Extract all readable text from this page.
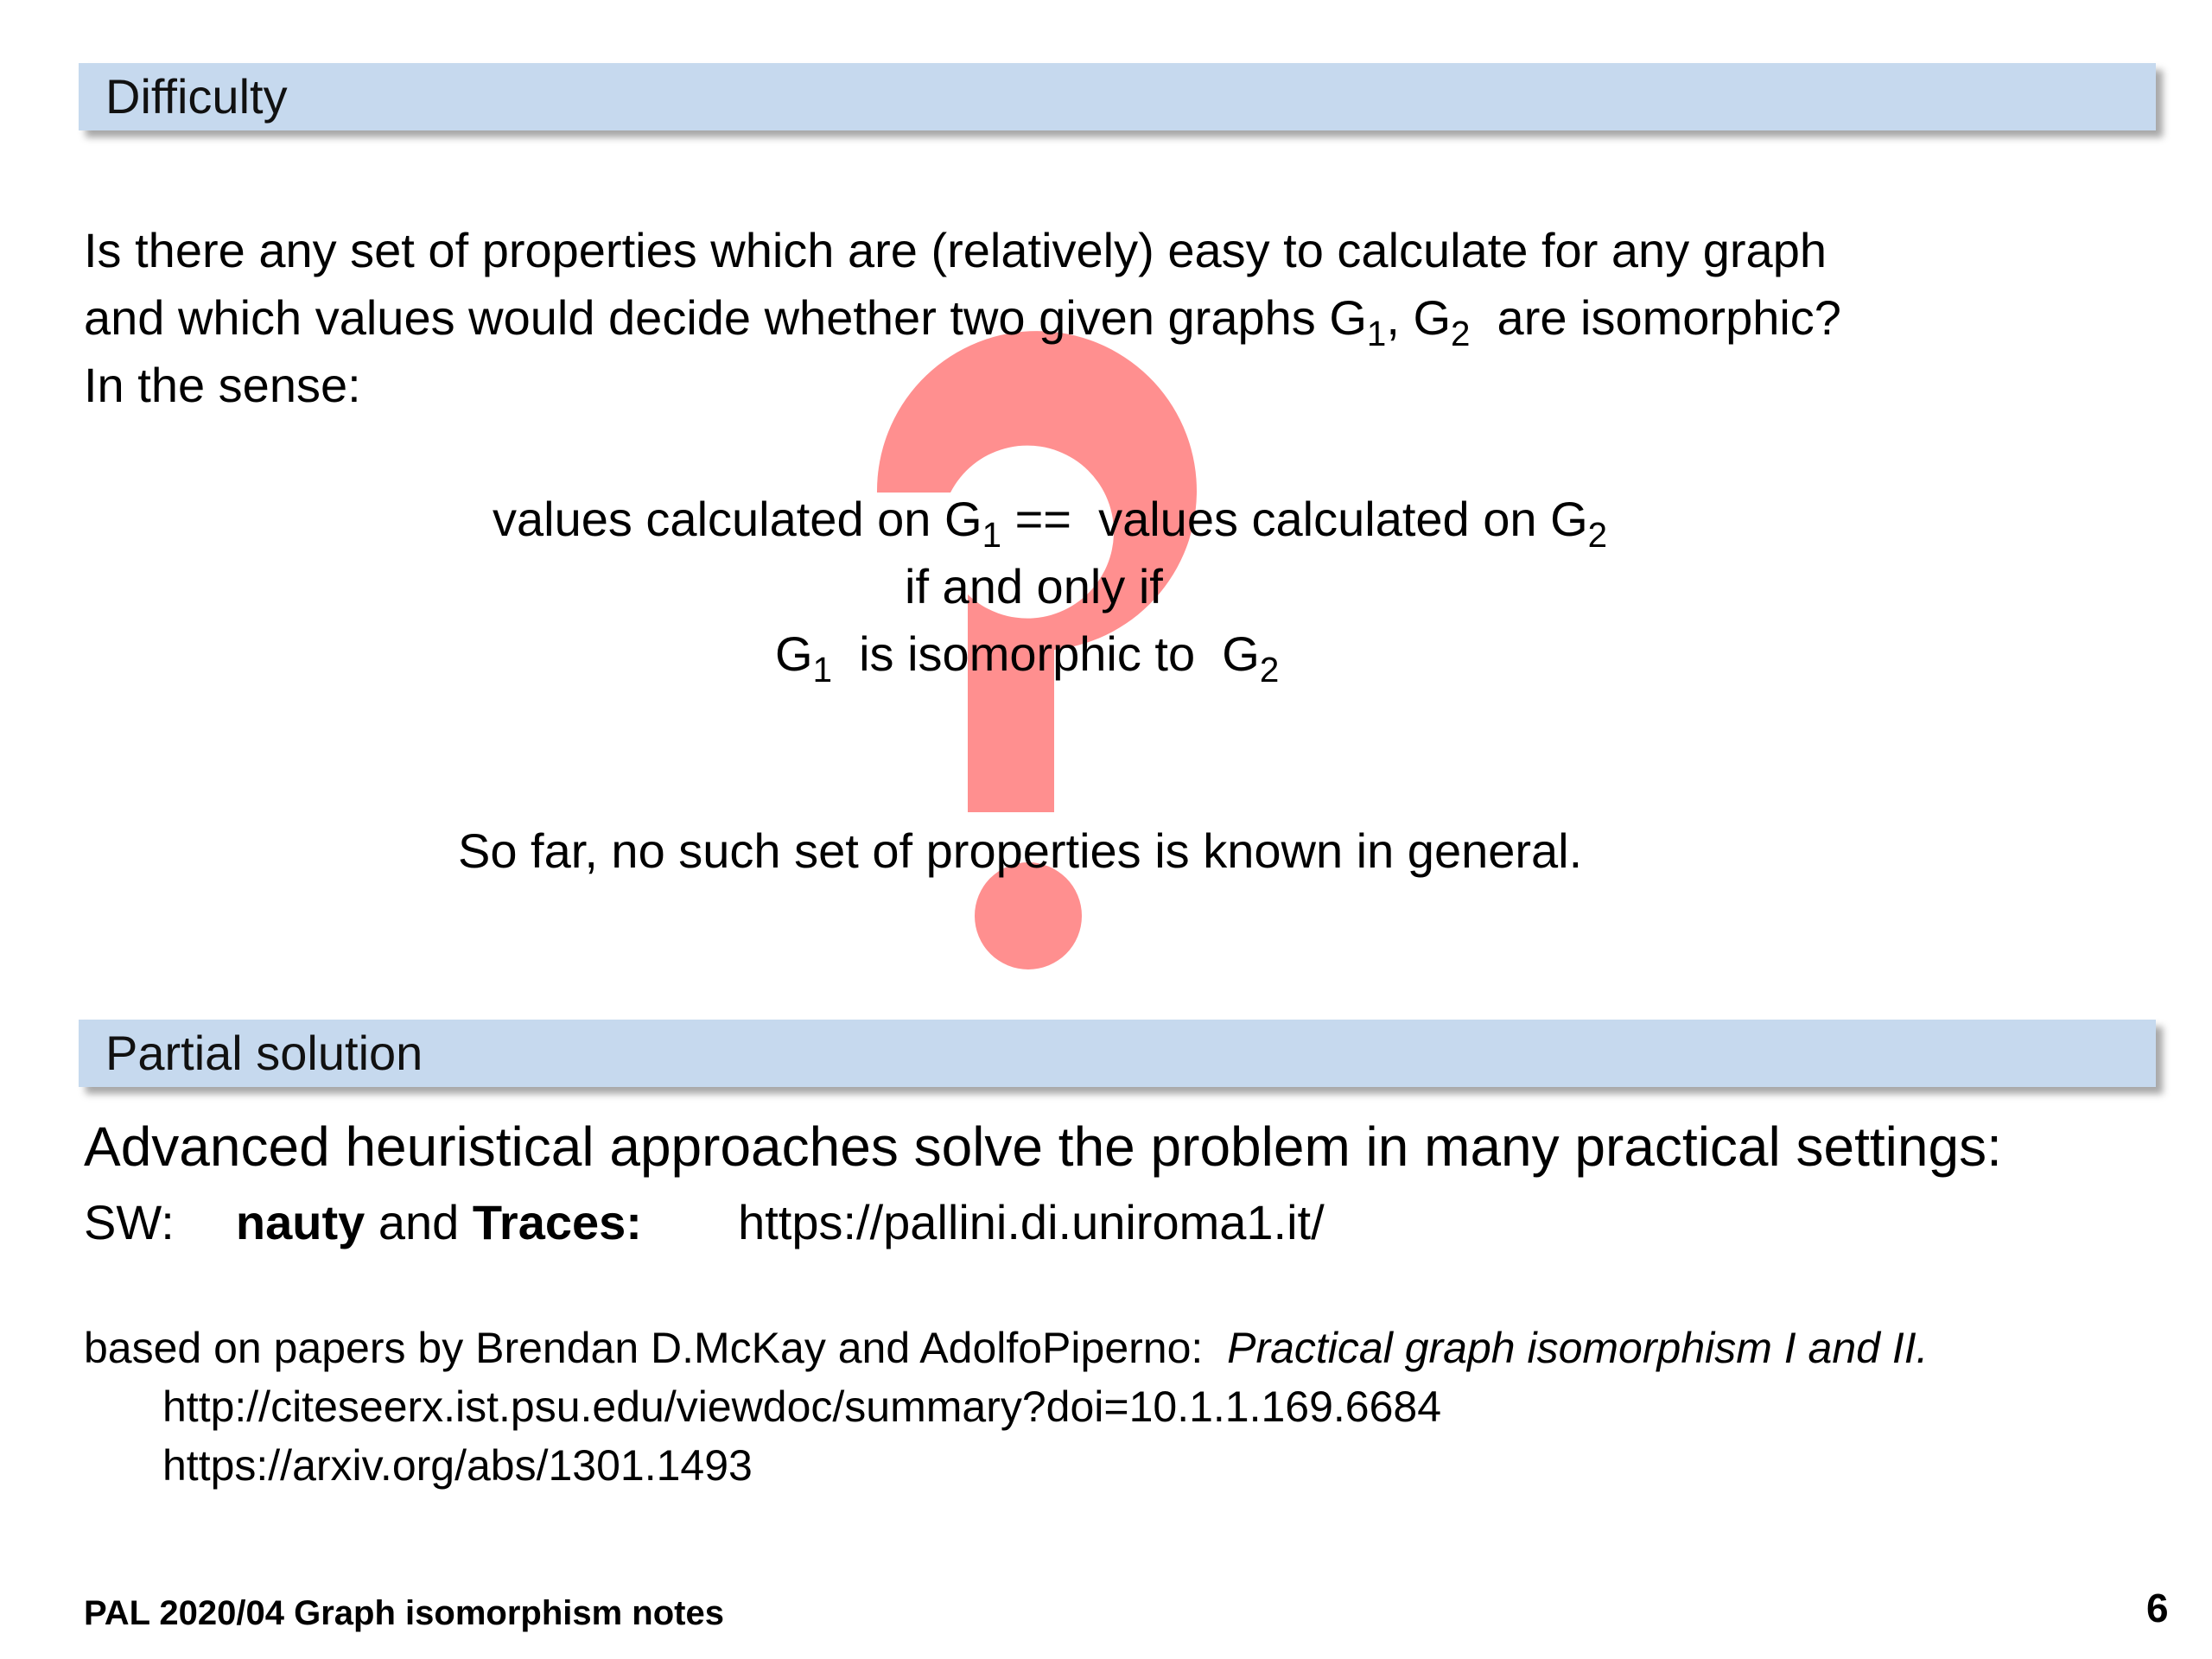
Difficulty
Is there any set of properties which are (relatively) easy to calculate for any graph
and which values would decide whether two given graphs $G_1$, $G_2$ are isomorphic?
In the sense:
values calculated on $G_1$ == values calculated on $G_2$
if and only if
$G_1$ is isomorphic to $G_2$
So far, no such set of properties is known in general.
Partial solution
Advanced heuristical approaches solve the problem in many practical settings:
SW: nauty and Traces: https://pallini.di.uniroma1.it/
based on papers by Brendan D.McKay and AdolfoPiperno: Practical graph isomorphism I and II.
http://citeseerx.ist.psu.edu/viewdoc/summary?doi=10.1.1.169.6684
https://arxiv.org/abs/1301.1493
PAL 2020/04 Graph isomorphism notes	6
